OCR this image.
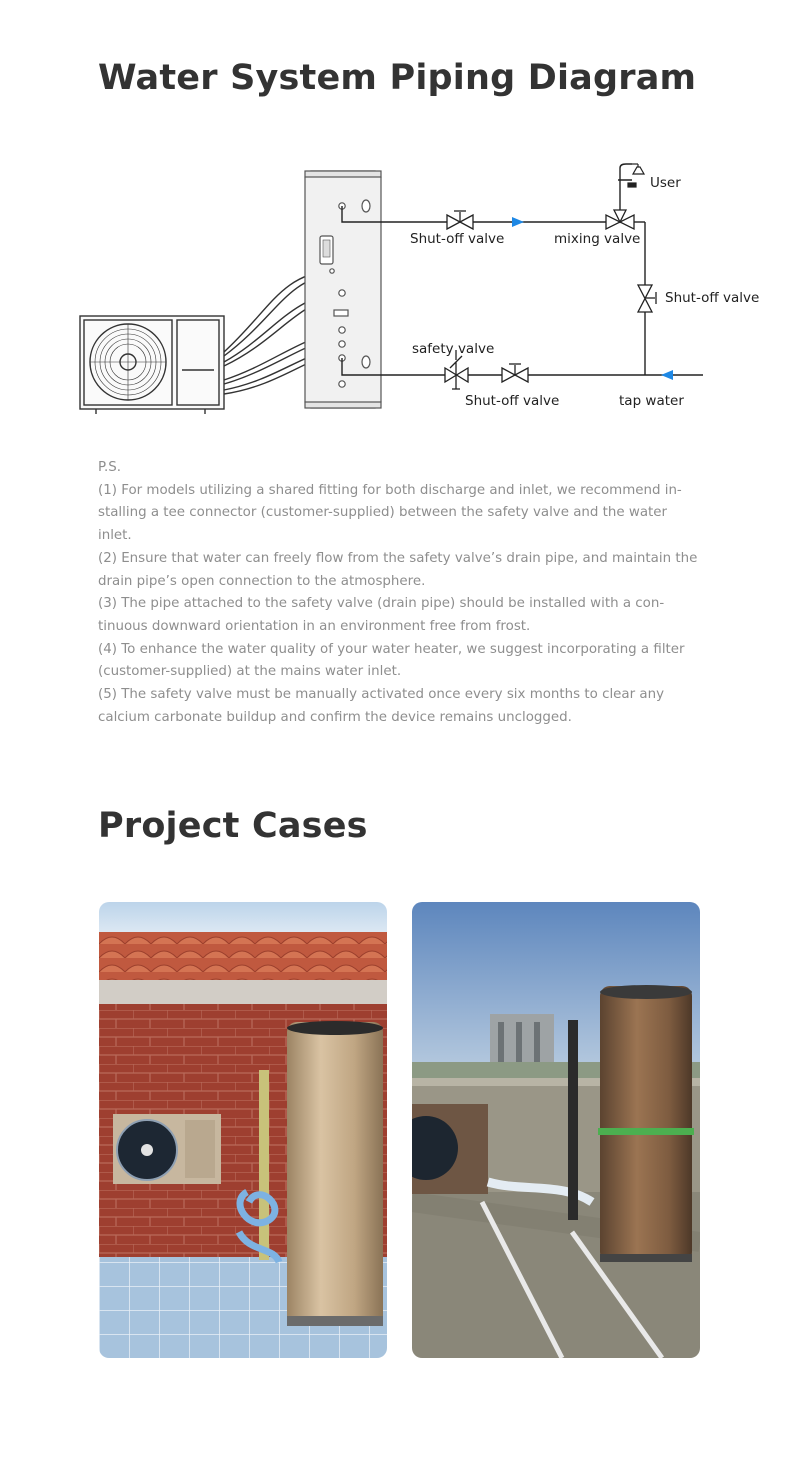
Water System Piping Diagram
User
Shut-off valve	mixing valve
Shut-off valve
safety valve
Shut-off valve	tap water

P.S.

(1) For models utilizing a shared fitting for both discharge and inlet, we recommend in-stalling a tee connector (customer-supplied) between the safety valve and the water inlet.

(2) Ensure that water can freely flow from the safety valve’s drain pipe, and maintain the drain pipe’s open connection to the atmosphere.

(3) The pipe attached to the safety valve (drain pipe) should be installed with a con-tinuous downward orientation in an environment free from frost.

(4) To enhance the water quality of your water heater, we suggest incorporating a filter (customer-supplied) at the mains water inlet.

(5) The safety valve must be manually activated once every six months to clear any calcium carbonate buildup and confirm the device remains unclogged.

Project Cases
